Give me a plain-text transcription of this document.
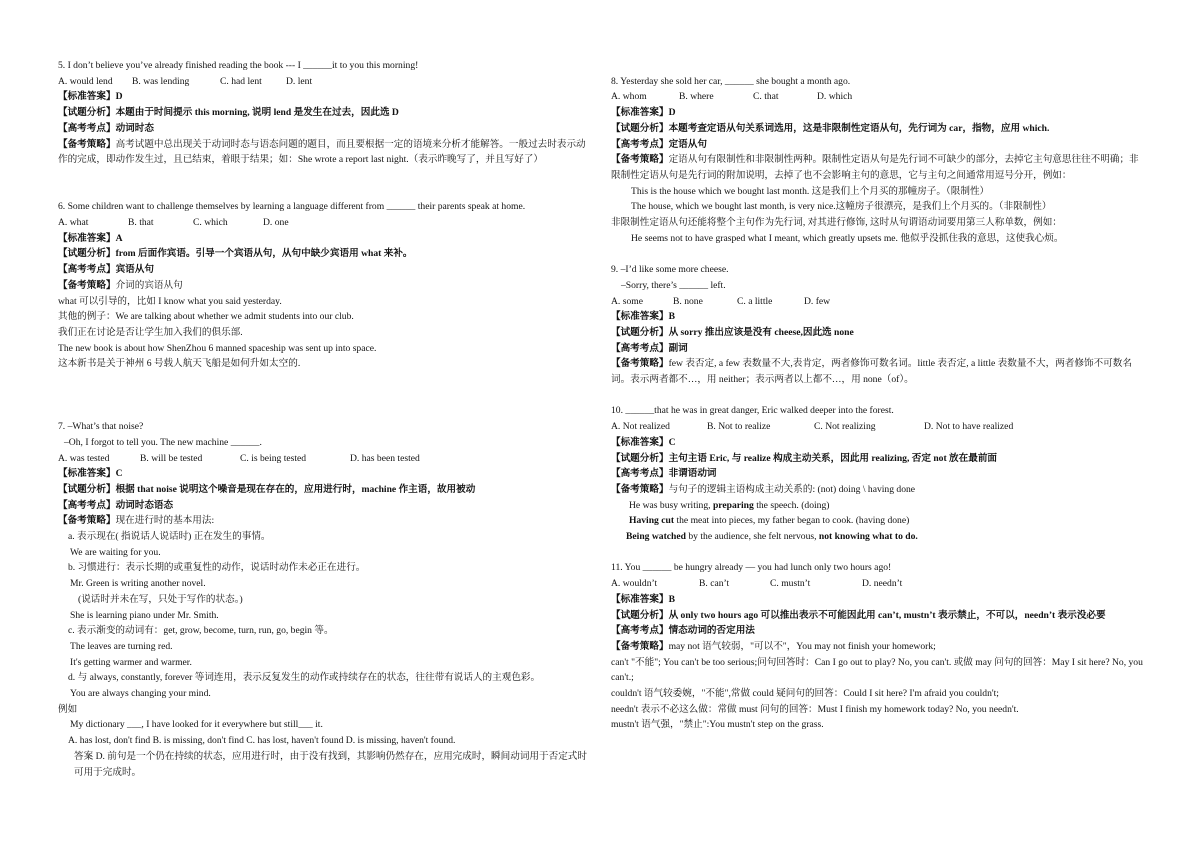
5. I don’t believe you’ve already finished reading the book --- I ______it to you this morning!
A. would lend B. was lending	C. had lent	D. lent
【标准答案】D
【试题分析】本题由于时间提示 this morning, 说明 lend 是发生在过去，因此选 D
【高考考点】动词时态
【备考策略】高考试题中总出现关于动词时态与语态问题的题目，而且要根据一定的语境来分析才能解答。一般过去时表示动作的完成，即动作发生过，且已结束，着眼于结果；如：She wrote a report last night.（表示昨晚写了，并且写好了）
6. Some children want to challenge themselves by learning a language different from ______ their parents speak at home.
A. what	B. that	C. which	D. one
【标准答案】A
【试题分析】from 后面作宾语。引导一个宾语从句，从句中缺少宾语用 what 来补。
【高考考点】宾语从句
【备考策略】介词的宾语从句
what 可以引导的，比如 I know what you said yesterday.
其他的例子：We are talking about whether we admit students into our club.
我们正在讨论是否让学生加入我们的俱乐部.
The new book is about how ShenZhou 6 manned spaceship was sent up into space.
这本新书是关于神州 6 号载人航天飞船是如何升如太空的.
7. –What’s that noise?
–Oh, I forgot to tell you. The new machine ______.
A. was tested	B. will be tested	C. is being tested	D. has been tested
【标准答案】C
【试题分析】根据 that noise 说明这个噪音是现在存在的，应用进行时，machine 作主语，故用被动
【高考考点】动词时态语态
【备考策略】现在进行时的基本用法:
a. 表示现在( 指说话人说话时) 正在发生的事情。
We are waiting for you.
b. 习惯进行：表示长期的或重复性的动作，说话时动作未必正在进行。
Mr. Green is writing another novel.
(说话时并未在写，只处于写作的状态。)
She is learning piano under Mr. Smith.
c. 表示渐变的动词有：get, grow, become, turn, run, go, begin 等。
The leaves are turning red.
It's getting warmer and warmer.
d. 与 always, constantly, forever 等词连用，表示反复发生的动作或持续存在的状态，往往带有说话人的主观色彩。
You are always changing your mind.
例如
My dictionary ___, I have looked for it everywhere but still___ it.
A. has lost, don't find B. is missing, don't find C. has lost, haven't found D. is missing, haven't found.
答案 D. 前句是一个仍在持续的状态，应用进行时，由于没有找到，其影响仍然存在，应用完成时，瞬间动词用于否定式时可用于完成时。
8. Yesterday she sold her car, ______ she bought a month ago.
A. whom	B. where	C. that	D. which
【标准答案】D
【试题分析】本题考查定语从句关系词选用，这是非限制性定语从句，先行词为 car，指物，应用 which.
【高考考点】定语从句
【备考策略】定语从句有限制性和非限制性两种。限制性定语从句是先行词不可缺少的部分，去掉它主句意思往往不明确；非限制性定语从句是先行词的附加说明，去掉了也不会影响主句的意思，它与主句之间通常用逗号分开，例如：
This is the house which we bought last month. 这是我们上个月买的那幢房子。（限制性）
The house, which we bought last month, is very nice.这幢房子很漂亮，是我们上个月买的。（非限制性）
非限制性定语从句还能将整个主句作为先行词, 对其进行修饰, 这时从句谓语动词要用第三人称单数，例如：
He seems not to have grasped what I meant, which greatly upsets me. 他似乎没抓住我的意思，这使我心烦。
9. –I’d like some more cheese.
–Sorry, there’s ______ left.
A. some	B. none	C. a little	D. few
【标准答案】B
【试题分析】从 sorry 推出应该是没有 cheese,因此选 none
【高考考点】副词
【备考策略】few 表否定, a few 表数量不大,表肯定，两者修饰可数名词。little 表否定, a little 表数量不大，两者修饰不可数名词。表示两者都不…，用 neither；表示两者以上都不…，用 none（of）。
10. ______that he was in great danger, Eric walked deeper into the forest.
A. Not realized	B. Not to realize	C. Not realizing	D. Not to have realized
【标准答案】C
【试题分析】主句主语 Eric, 与 realize 构成主动关系，因此用 realizing, 否定 not 放在最前面
【高考考点】非谓语动词
【备考策略】与句子的逻辑主语构成主动关系的: (not) doing \ having done
He was busy writing, preparing the speech. (doing)
Having cut the meat into pieces, my father began to cook. (having done)
Being watched by the audience, she felt nervous, not knowing what to do.
11. You ______ be hungry already — you had lunch only two hours ago!
A. wouldn’t	B. can’t	C. mustn’t	D. needn’t
【标准答案】B
【试题分析】从 only two hours ago 可以推出表示不可能因此用 can’t, mustn’t 表示禁止，不可以，needn’t 表示没必要
【高考考点】情态动词的否定用法
【备考策略】may not 语气较弱，"可以不"，You may not finish your homework;
can't "不能"; You can't be too serious;问句回答时：Can I go out to play? No, you can't. 或做 may 问句的回答：May I sit here? No, you can't.;
couldn't 语气较委婉，"不能",常做 could 疑问句的回答：Could I sit here? I'm afraid you couldn't;
needn't 表示不必这么做：常做 must 问句的回答：Must I finish my homework today? No, you needn't.
mustn't 语气强，"禁止":You mustn't step on the grass.
